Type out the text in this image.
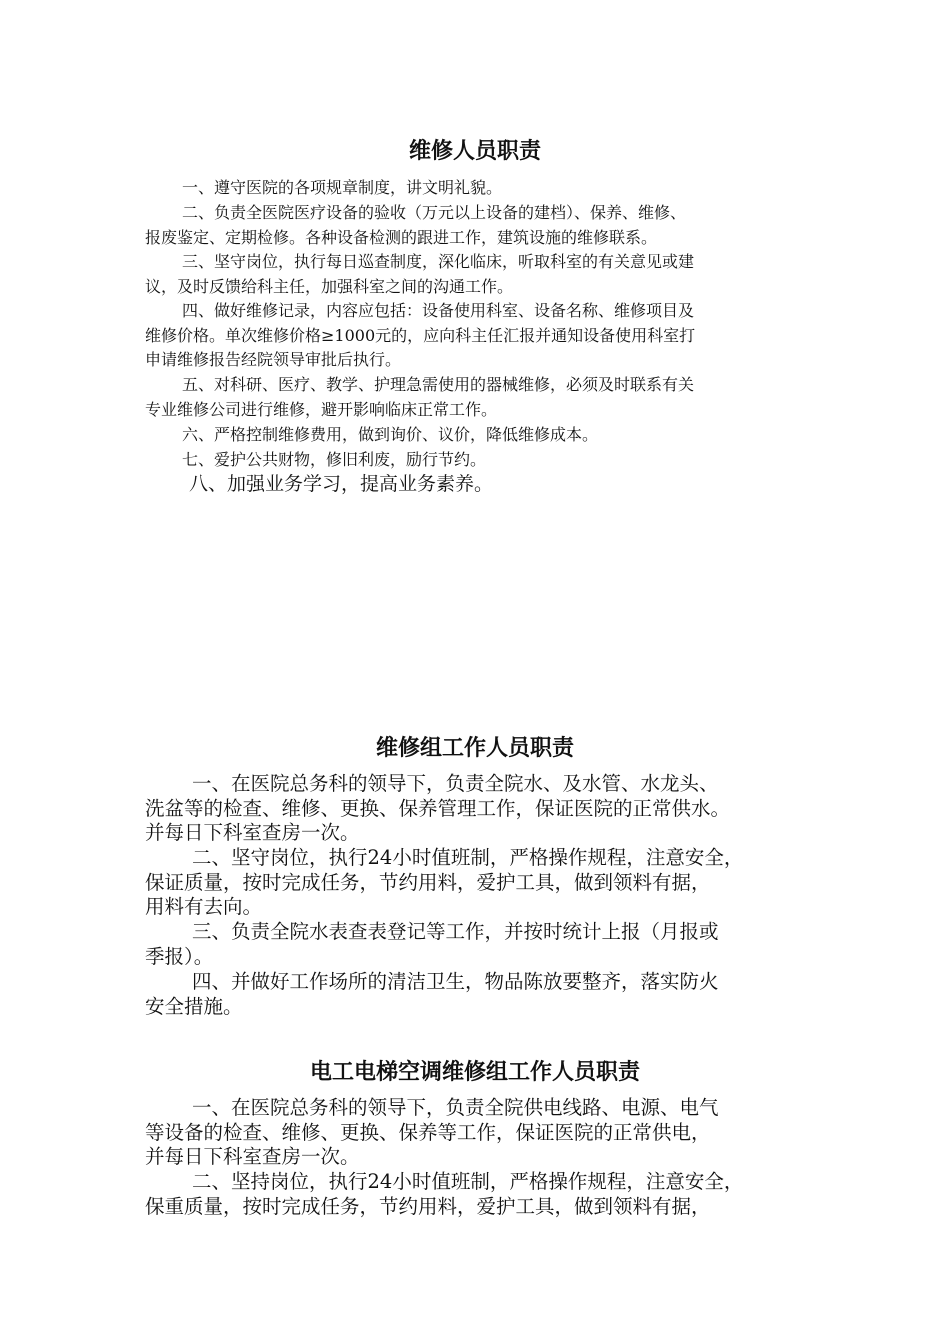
维修人员职责

一、遵守医院的各项规章制度，讲文明礼貌。

二、负责全医院医疗设备的验收（万元以上设备的建档）、保养、维修、
报废鉴定、定期检修。各种设备检测的跟进工作，建筑设施的维修联系。

三、坚守岗位，执行每日巡查制度，深化临床，听取科室的有关意见或建
议，及时反馈给科主任，加强科室之间的沟通工作。

四、做好维修记录，内容应包括：设备使用科室、设备名称、维修项目及
维修价格。单次维修价格≥1000元的，应向科主任汇报并通知设备使用科室打
申请维修报告经院领导审批后执行。

五、对科研、医疗、教学、护理急需使用的器械维修，必须及时联系有关
专业维修公司进行维修，避开影响临床正常工作。

六、严格控制维修费用，做到询价、议价，降低维修成本。

七、爱护公共财物，修旧利废，励行节约。

八、加强业务学习，提高业务素养。

维修组工作人员职责

一、在医院总务科的领导下，负责全院水、及水管、水龙头、
洗盆等的检查、维修、更换、保养管理工作，保证医院的正常供水。
并每日下科室查房一次。

二、坚守岗位，执行24小时值班制，严格操作规程，注意安全，
保证质量，按时完成任务，节约用料，爱护工具，做到领料有据，
用料有去向。

三、负责全院水表查表登记等工作，并按时统计上报（月报或
季报）。

四、并做好工作场所的清洁卫生，物品陈放要整齐，落实防火
安全措施。

电工电梯空调维修组工作人员职责

一、在医院总务科的领导下，负责全院供电线路、电源、电气
等设备的检查、维修、更换、保养等工作，保证医院的正常供电，
并每日下科室查房一次。

二、坚持岗位，执行24小时值班制，严格操作规程，注意安全，
保重质量，按时完成任务，节约用料，爱护工具，做到领料有据，
